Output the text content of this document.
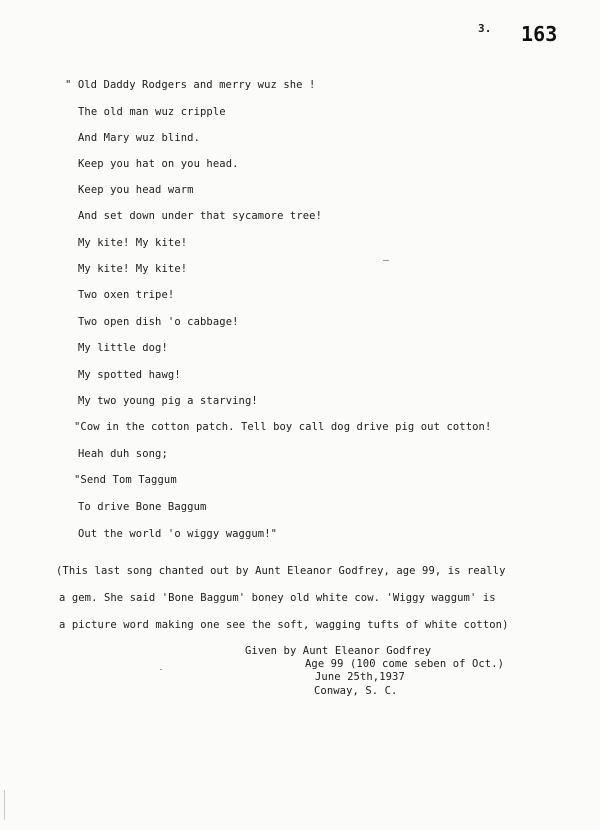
3. 163
" Old Daddy Rodgers and merry wuz she !
The old man wuz cripple
And Mary wuz blind.
Keep you hat on you head.
Keep you head warm
And set down under that sycamore tree!
My kite! My kite!
My kite! My kite!
Two oxen tripe!
Two open dish 'o cabbage!
My little dog!
My spotted hawg!
My two young pig a starving!
"Cow in the cotton patch. Tell boy call dog drive pig out cotton!
Heah duh song;
"Send Tom Taggum
To drive Bone Baggum
Out the world 'o wiggy waggum!"
(This last song chanted out by Aunt Eleanor Godfrey, age 99, is really
a gem. She said 'Bone Baggum' boney old white cow. 'Wiggy waggum' is
a picture word making one see the soft, wagging tufts of white cotton)
Given by Aunt Eleanor Godfrey
Age 99 (100 come seben of Oct.)
June 25th,1937
Conway, S. C.
